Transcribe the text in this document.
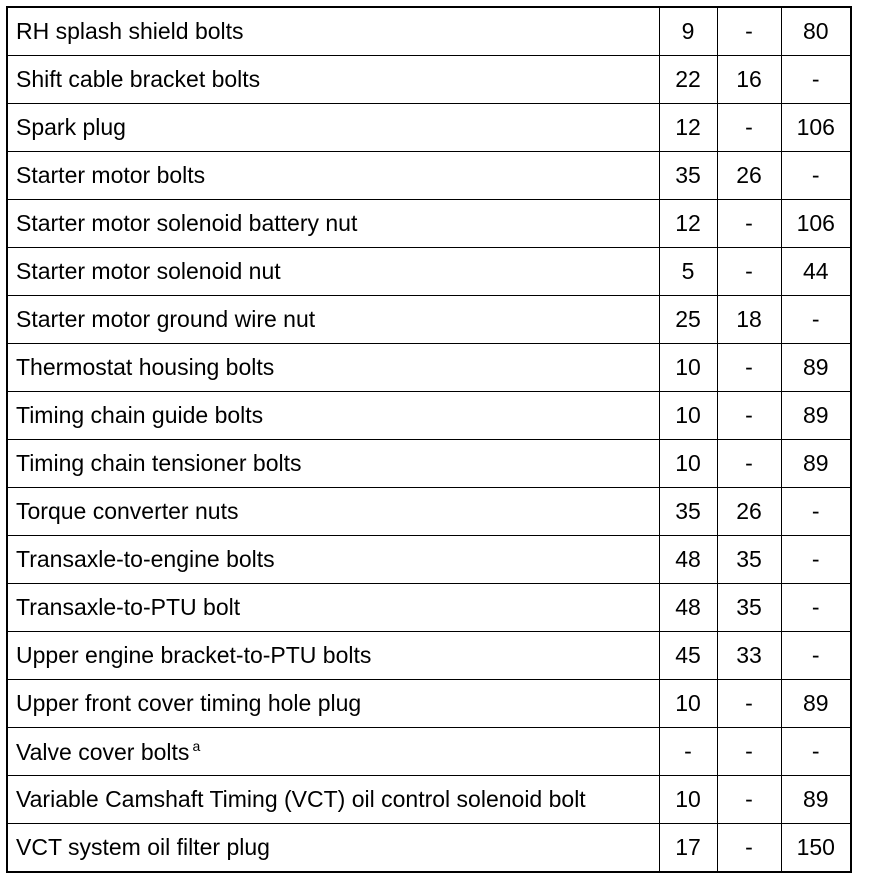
RH splash shield bolts	9	-	80
Shift cable bracket bolts	22	16	-
Spark plug	12	-	106
Starter motor bolts	35	26	-
Starter motor solenoid battery nut	12	-	106
Starter motor solenoid nut	5	-	44
Starter motor ground wire nut	25	18	-
Thermostat housing bolts	10	-	89
Timing chain guide bolts	10	-	89
Timing chain tensioner bolts	10	-	89
Torque converter nuts	35	26	-
Transaxle-to-engine bolts	48	35	-
Transaxle-to-PTU bolt	48	35	-
Upper engine bracket-to-PTU bolts	45	33	-
Upper front cover timing hole plug	10	-	89
Valve cover bolts $^a$	-	-	-
Variable Camshaft Timing (VCT) oil control solenoid bolt	10	-	89
VCT system oil filter plug	17	-	150
